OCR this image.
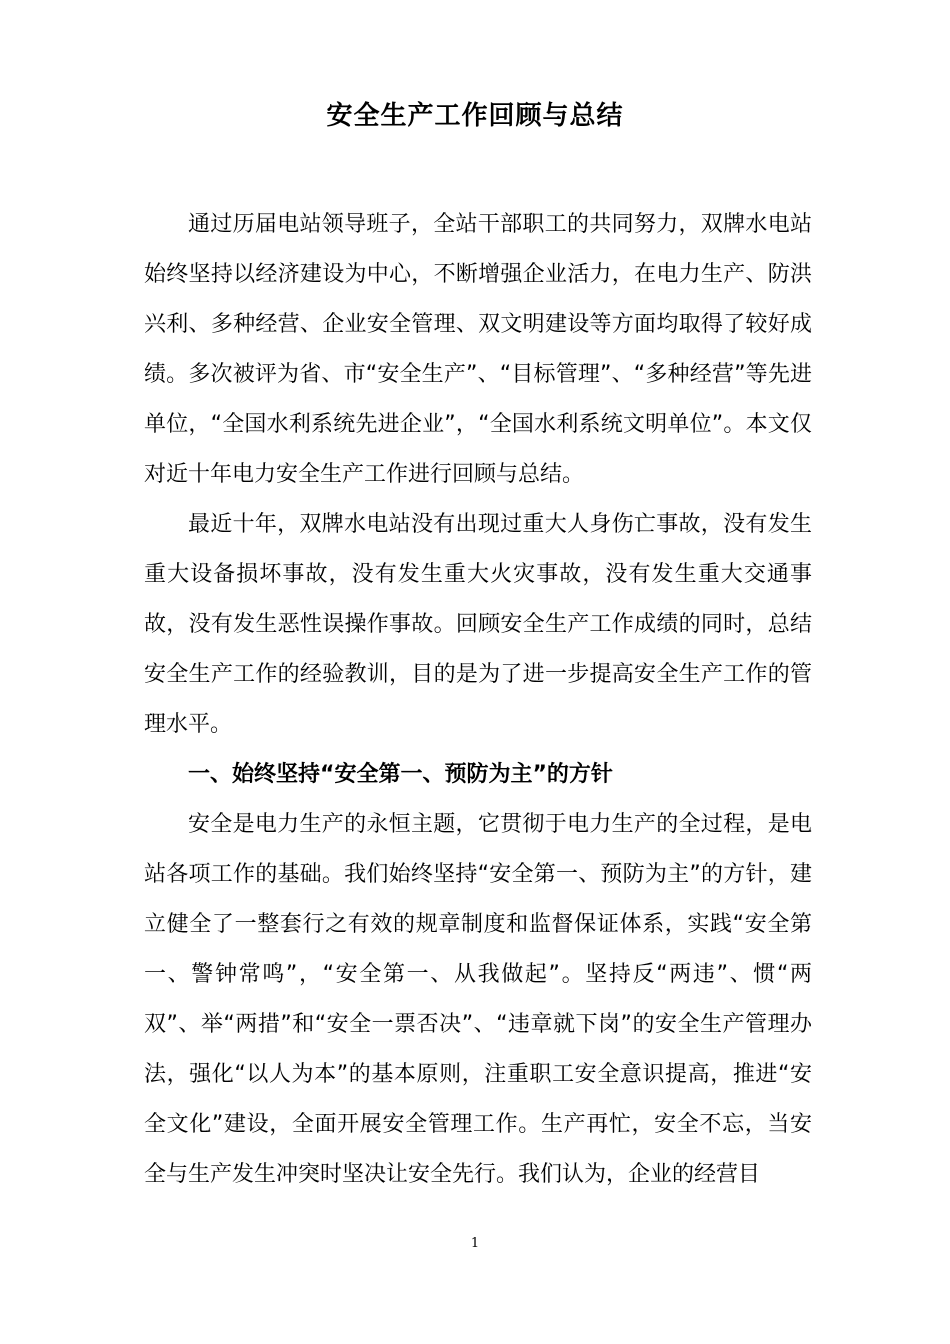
安全生产工作回顾与总结

通过历届电站领导班子，全站干部职工的共同努力，双牌水电站始终坚持以经济建设为中心，不断增强企业活力，在电力生产、防洪兴利、多种经营、企业安全管理、双文明建设等方面均取得了较好成绩。多次被评为省、市“安全生产”、“目标管理”、“多种经营”等先进单位，“全国水利系统先进企业”，“全国水利系统文明单位”。本文仅对近十年电力安全生产工作进行回顾与总结。

最近十年，双牌水电站没有出现过重大人身伤亡事故，没有发生重大设备损坏事故，没有发生重大火灾事故，没有发生重大交通事故，没有发生恶性误操作事故。回顾安全生产工作成绩的同时，总结安全生产工作的经验教训，目的是为了进一步提高安全生产工作的管理水平。

一、始终坚持“安全第一、预防为主”的方针

安全是电力生产的永恒主题，它贯彻于电力生产的全过程，是电站各项工作的基础。我们始终坚持“安全第一、预防为主”的方针，建立健全了一整套行之有效的规章制度和监督保证体系，实践“安全第一、警钟常鸣”，“安全第一、从我做起”。坚持反“两违”、惯“两双”、举“两措”和“安全一票否决”、“违章就下岗”的安全生产管理办法，强化“以人为本”的基本原则，注重职工安全意识提高，推进“安全文化”建设，全面开展安全管理工作。生产再忙，安全不忘，当安全与生产发生冲突时坚决让安全先行。我们认为，企业的经营目

1
